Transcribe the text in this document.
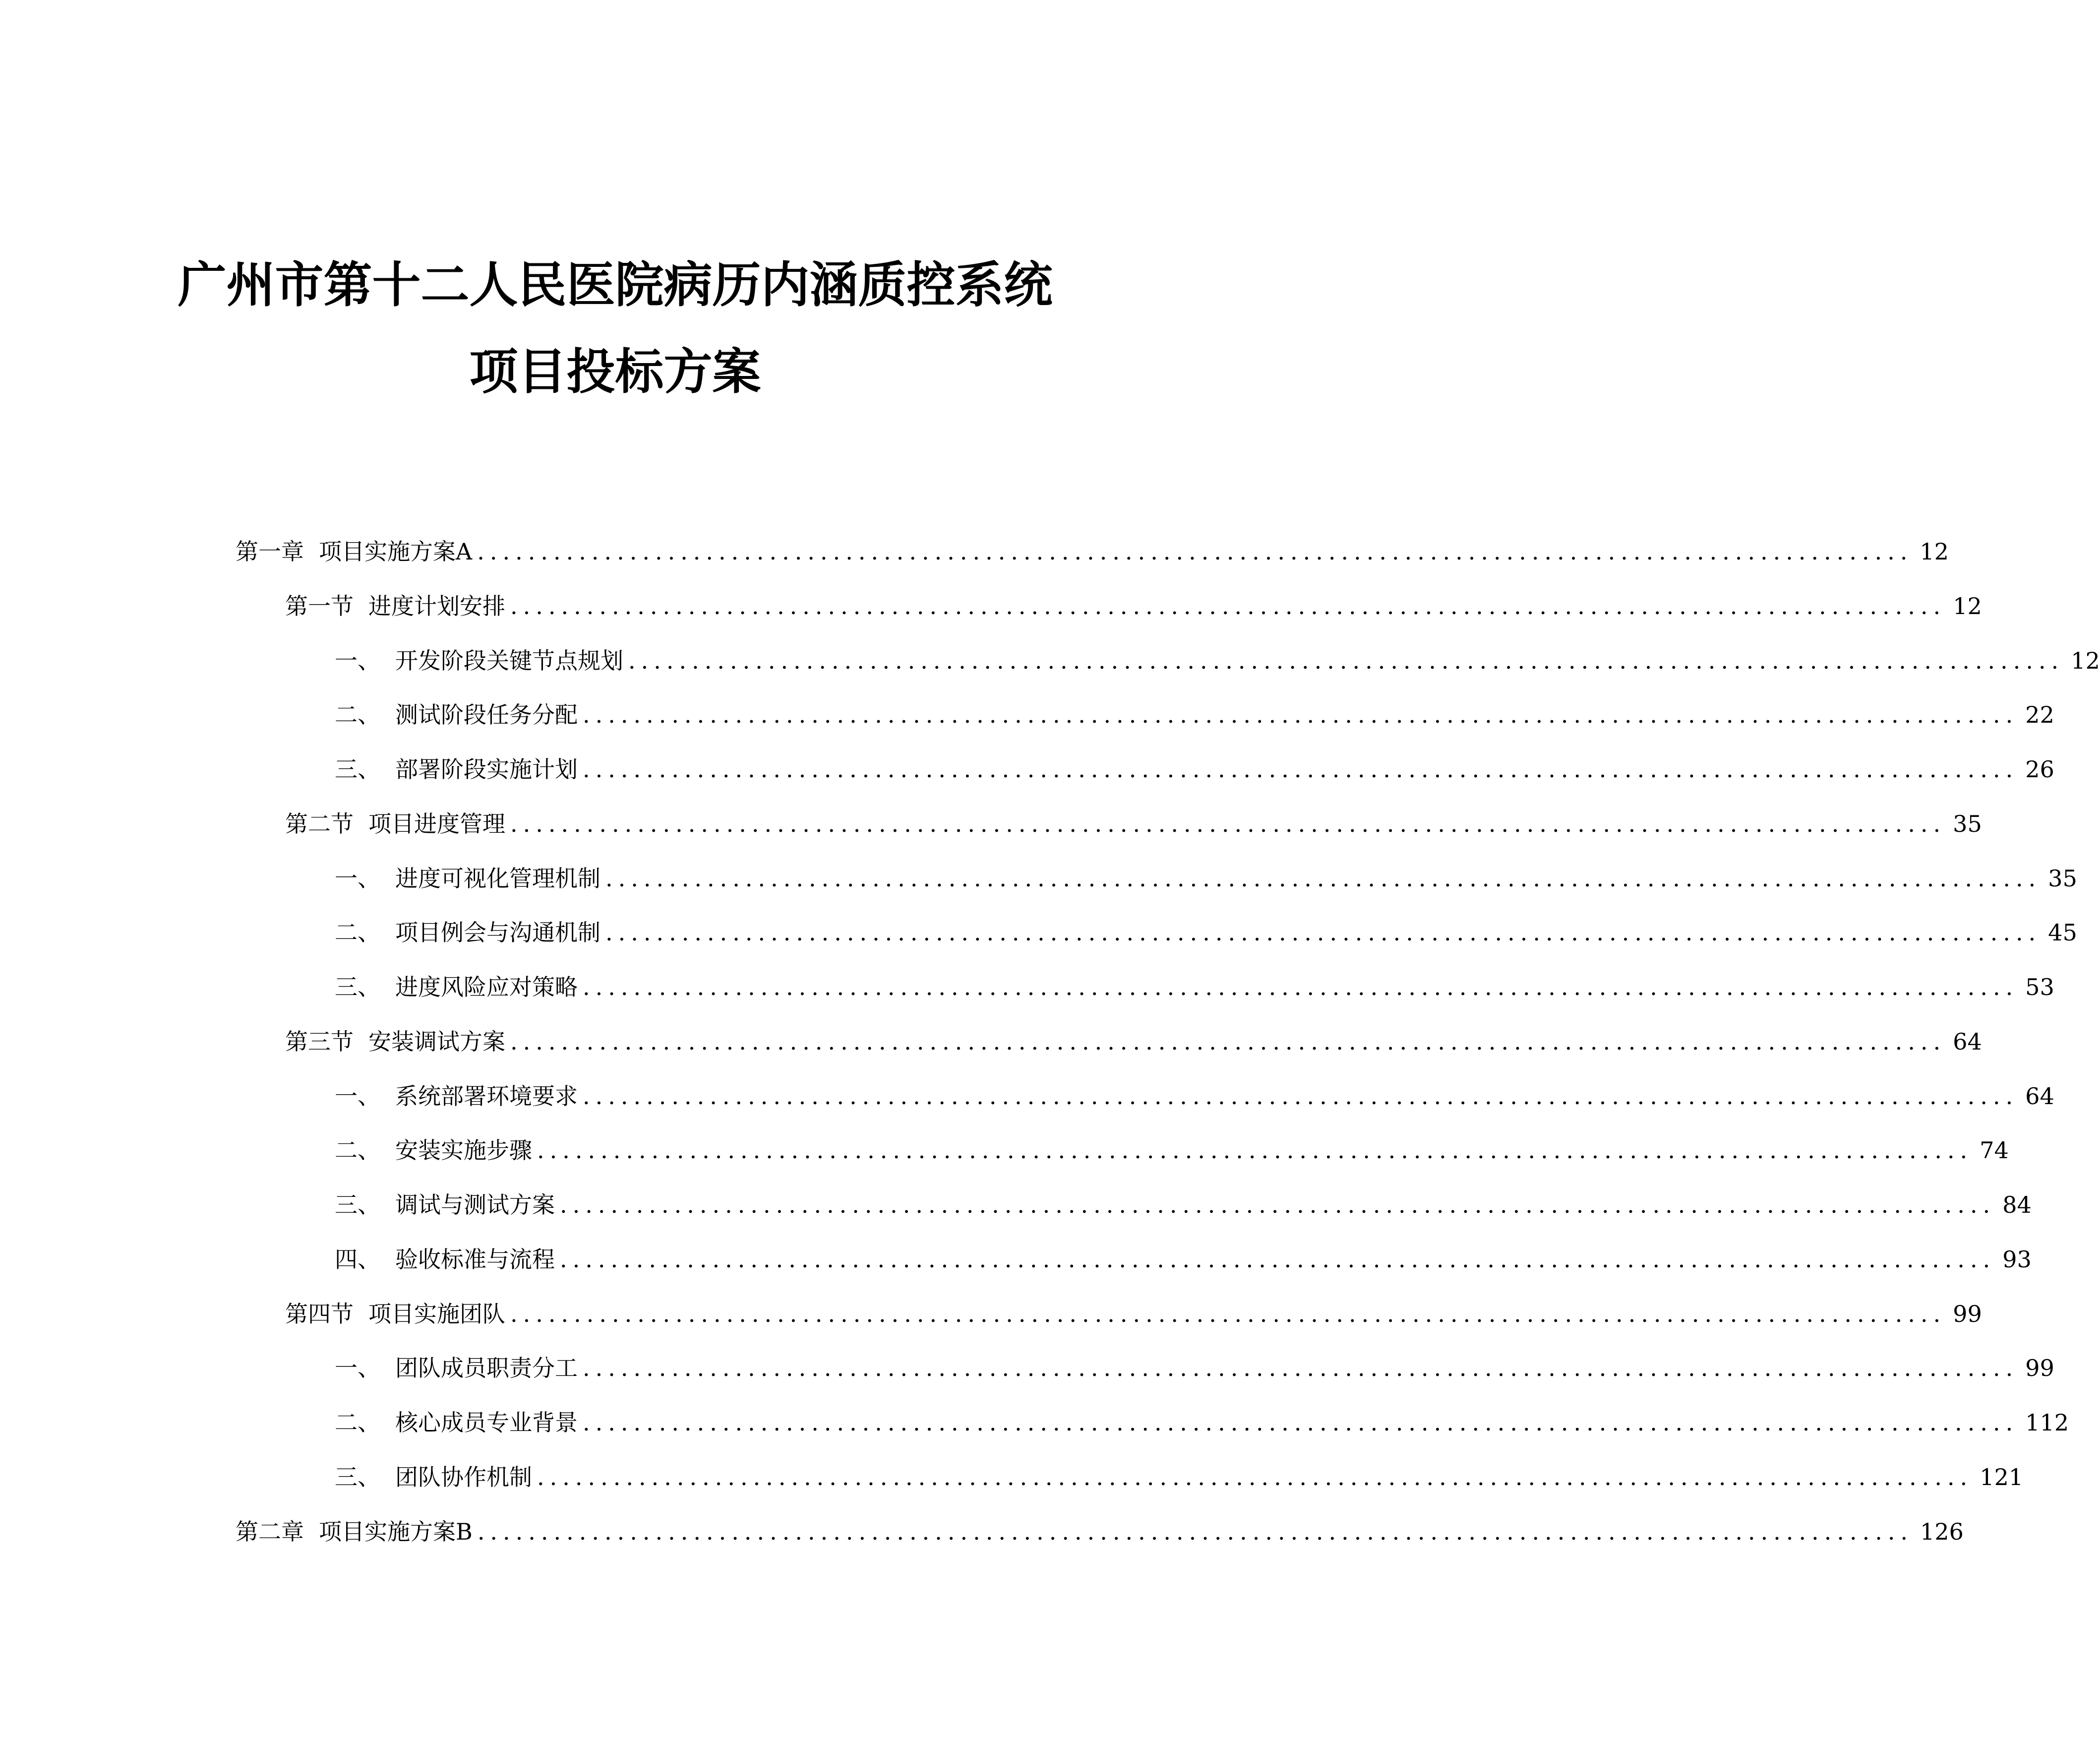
广州市第十二人民医院病历内涵质控系统
项目投标方案
第一章 项目实施方案A ................................................................................................................. 12
第一节 进度计划安排 ................................................................................................................. 12
一、 开发阶段关键节点规划 ................................................................................................................. 12
二、 测试阶段任务分配 ................................................................................................................. 22
三、 部署阶段实施计划 ................................................................................................................. 26
第二节 项目进度管理 ................................................................................................................. 35
一、 进度可视化管理机制 ................................................................................................................. 35
二、 项目例会与沟通机制 ................................................................................................................. 45
三、 进度风险应对策略 ................................................................................................................. 53
第三节 安装调试方案 ................................................................................................................. 64
一、 系统部署环境要求 ................................................................................................................. 64
二、 安装实施步骤 ................................................................................................................. 74
三、 调试与测试方案 ................................................................................................................. 84
四、 验收标准与流程 ................................................................................................................. 93
第四节 项目实施团队 ................................................................................................................. 99
一、 团队成员职责分工 ................................................................................................................. 99
二、 核心成员专业背景 ................................................................................................................. 112
三、 团队协作机制 ................................................................................................................. 121
第二章 项目实施方案B ................................................................................................................. 126
